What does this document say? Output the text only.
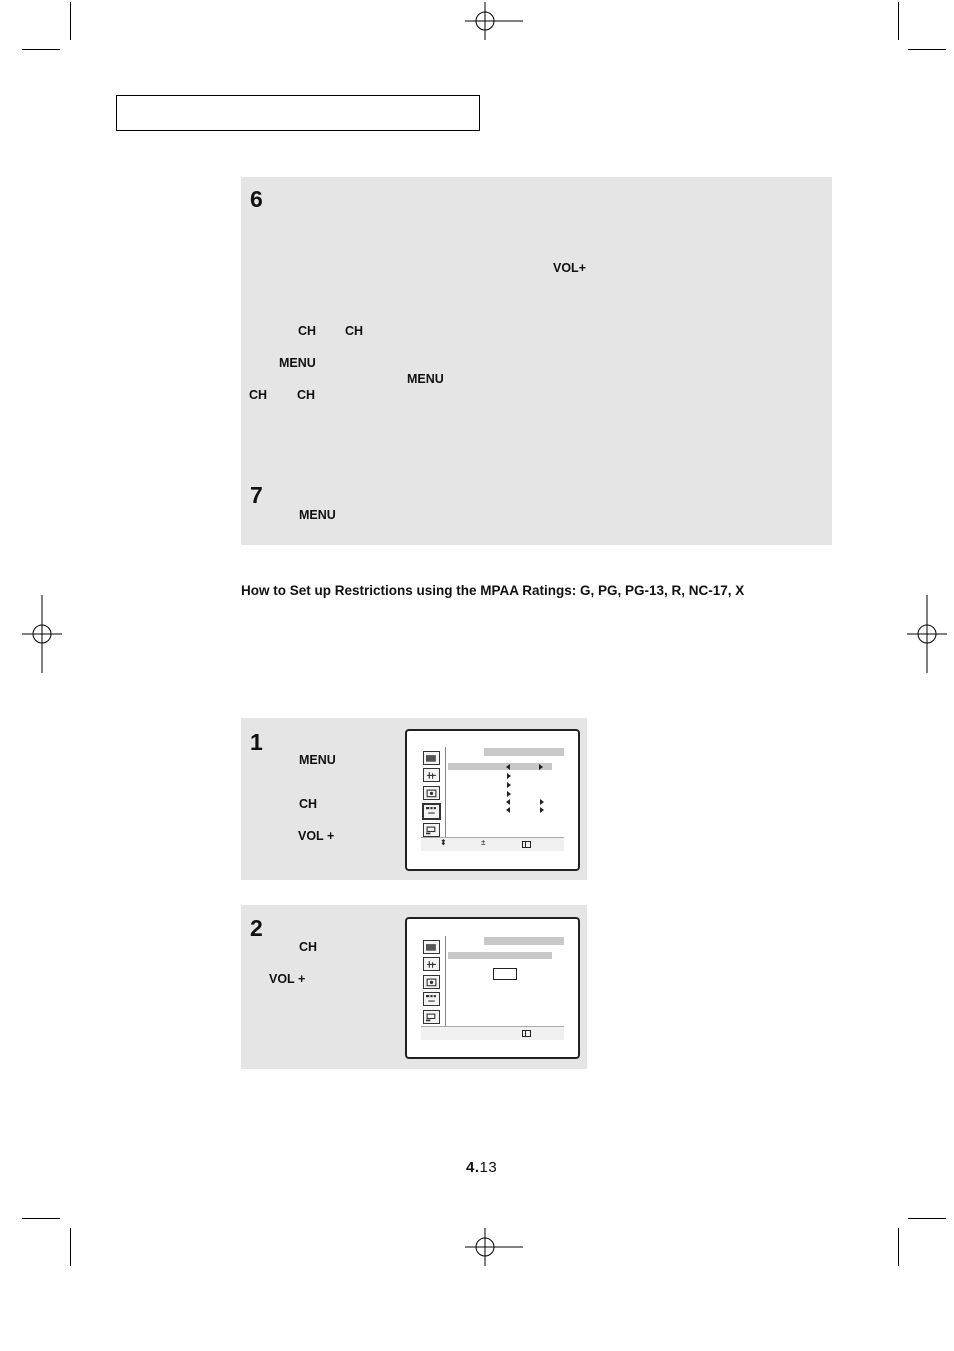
6
VOL+
CH CH
MENU
MENU
CH CH
7
MENU
How to Set up Restrictions using the MPAA Ratings: G, PG, PG-13, R, NC-17, X
1
MENU
CH
VOL +	⬍	±
2
CH
VOL +
4.13
